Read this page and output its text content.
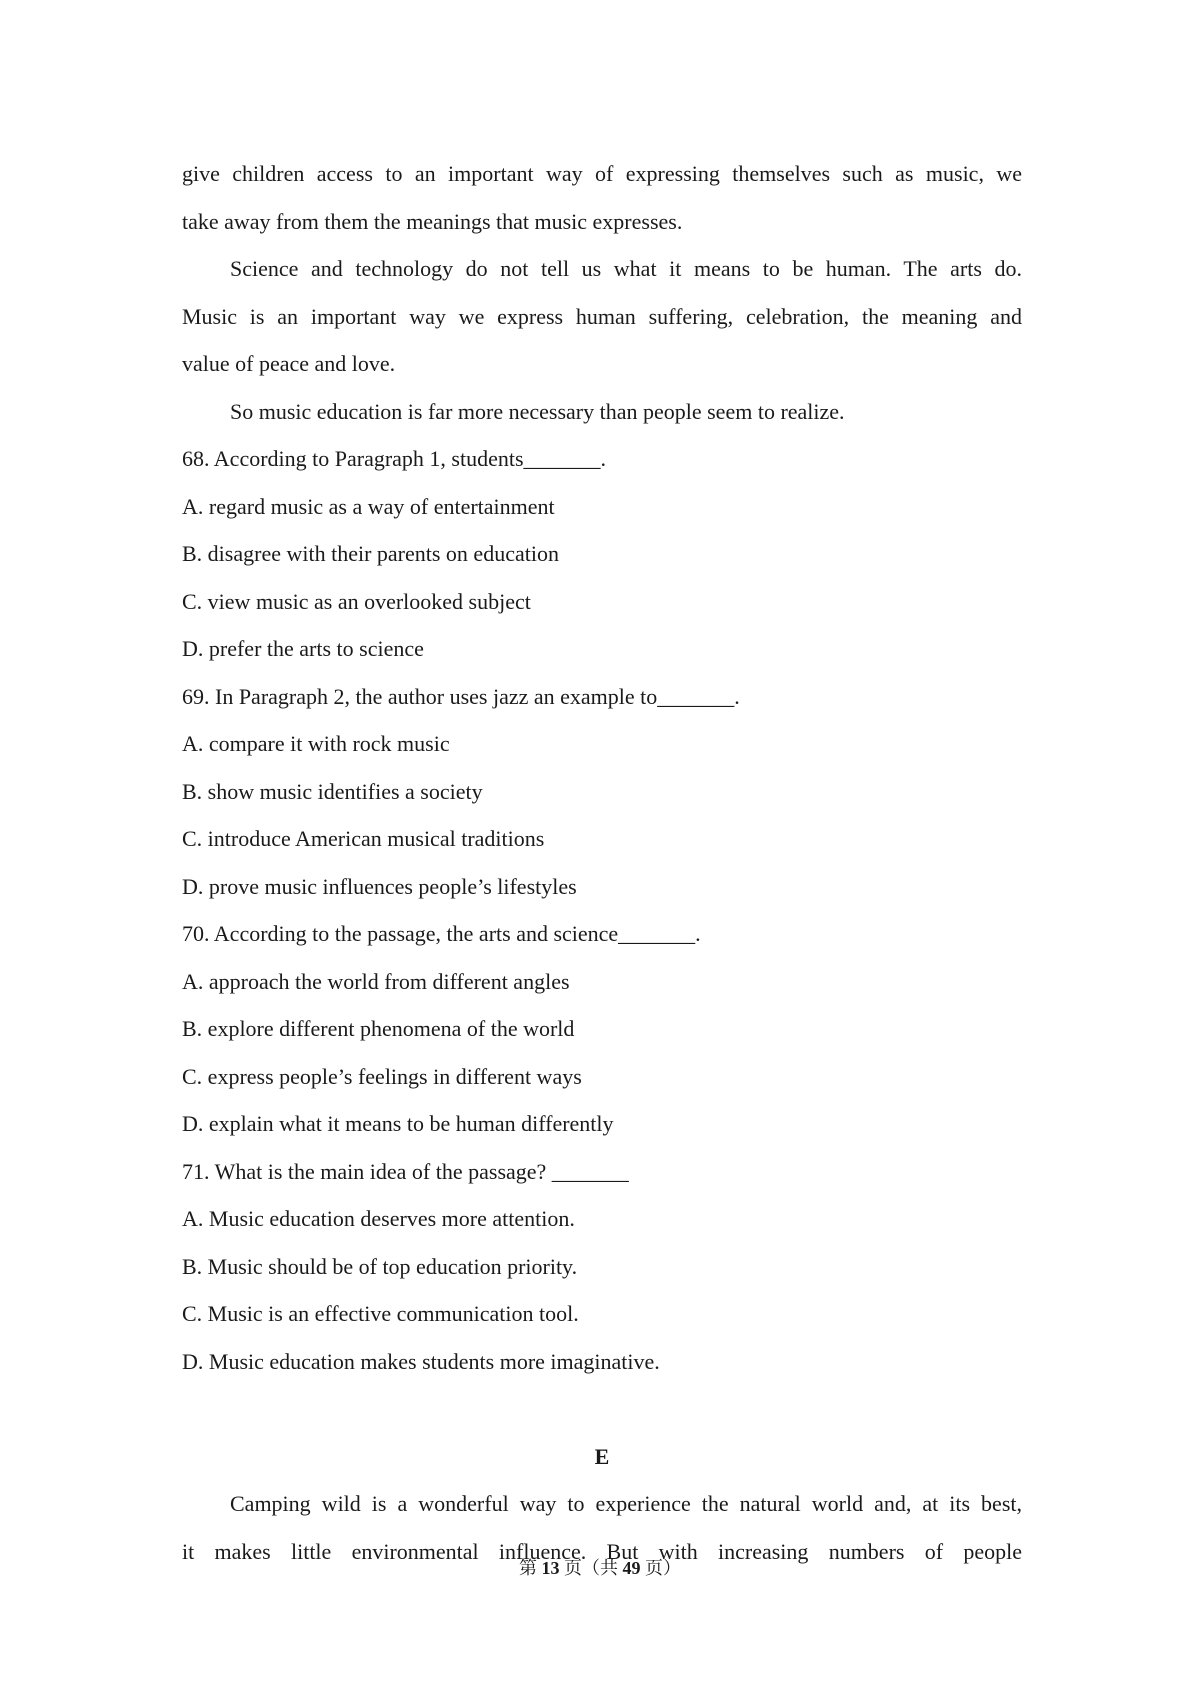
give children access to an important way of expressing themselves such as music, we
take away from them the meanings that music expresses.
Science and technology do not tell us what it means to be human. The arts do.
Music is an important way we express human suffering, celebration, the meaning and
value of peace and love.
So music education is far more necessary than people seem to realize.
68. According to Paragraph 1, students_______.
A. regard music as a way of entertainment
B. disagree with their parents on education
C. view music as an overlooked subject
D. prefer the arts to science
69. In Paragraph 2, the author uses jazz an example to_______.
A. compare it with rock music
B. show music identifies a society
C. introduce American musical traditions
D. prove music influences people’s lifestyles
70. According to the passage, the arts and science_______.
A. approach the world from different angles
B. explore different phenomena of the world
C. express people’s feelings in different ways
D. explain what it means to be human differently
71. What is the main idea of the passage? _______
A. Music education deserves more attention.
B. Music should be of top education priority.
C. Music is an effective communication tool.
D. Music education makes students more imaginative.
E
Camping wild is a wonderful way to experience the natural world and, at its best,
it makes little environmental influence. But with increasing numbers of people
第 13 页（共 49 页）
